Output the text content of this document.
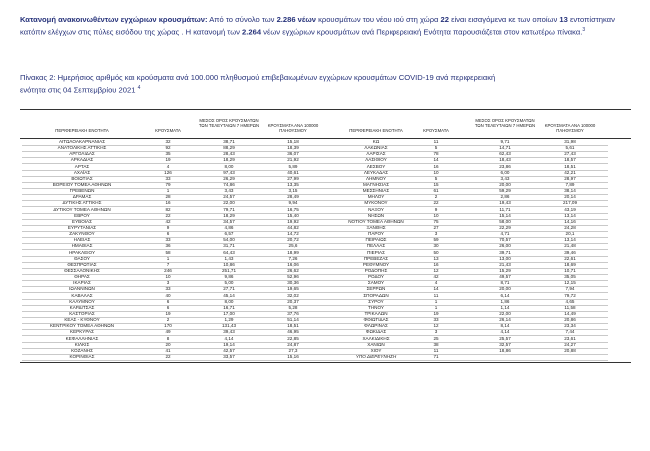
Κατανομή ανακοινωθέντων εγχώριων κρουσμάτων: Από το σύνολο των 2.286 νέων κρουσμάτων του νέου ιού στη χώρα 22 είναι εισαγόμενα κε των οποίων 13 εντοπίστηκαν κατόπιν ελέγχων στις πύλες εισόδου της χώρας . Η κατανομή των 2.264 νέων εγχώριων κρουσμάτων ανά Περιφερειακή Ενότητα παρουσιάζεται στον κατωτέρω πίνακα.$^3$
Πίνακας 2: Ημερήσιος αριθμός και κρούσματα ανά 100.000 πληθυσμού επιβεβαιωμένων εγχώριων κρουσμάτων COVID-19 ανά περιφερειακή
ενότητα στις 04 Σεπτεμβρίου 2021 $^4$
ΠΕΡΙΦΕΡΕΙΑΚΗ ΕΝΟΤΗΤΑ	ΚΡΟΥΣΜΑΤΑ
ΜΕΣΟΣ ΟΡΟΣ ΚΡΟΥΣΜΑΤΩΝ ΤΩΝ ΤΕΛΕΥΤΑΙΩΝ 7 ΗΜΕΡΩΝ	ΚΡΟΥΣΜΑΤΑ ΑΝΑ 100000 ΠΛΗΘΥΣΜΟΥ	ΠΕΡΙΦΕΡΕΙΑΚΗ ΕΝΟΤΗΤΑ	ΚΡΟΥΣΜΑΤΑ
ΜΕΣΟΣ ΟΡΟΣ ΚΡΟΥΣΜΑΤΩΝ ΤΩΝ ΤΕΛΕΥΤΑΙΩΝ 7 ΗΜΕΡΩΝ	ΚΡΟΥΣΜΑΤΑ ΑΝΑ 100000 ΠΛΗΘΥΣΜΟΥ
ΑΙΤΩΛΟΑΚΑΡΝΑΝΙΑΣ	32	38,71	15,18	ΚΩ	11	9,71	31,98
ΑΝΑΤΟΛΙΚΗΣ ΑΤΤΙΚΗΣ	92	88,29	18,39	ΛΑΚΩΝΙΑΣ	5	14,71	5,61
ΑΡΓΟΛΙΔΑΣ	35	28,43	36,07	ΛΑΡΙΣΑΣ	78	62,43	27,43
ΑΡΚΑΔΙΑΣ	19	18,29	21,92	ΛΑΣΙΘΙΟΥ	14	18,43	18,57
ΑΡΤΑΣ	4	8,00	5,89	ΛΕΣΒΟΥ	16	23,86	18,51
ΑΧΑΪΑΣ	126	97,43	40,61	ΛΕΥΚΑΔΑΣ	10	6,00	42,21
ΒΟΙΩΤΙΑΣ	33	26,29	27,99	ΛΗΜΝΟΥ	5	3,43	28,97
ΒΟΡΕΙΟΥ ΤΟΜΕΑ ΑΘΗΝΩΝ	79	74,86	13,35	ΜΑΓΝΗΣΙΑΣ	15	20,00	7,89
ΓΡΕΒΕΝΩΝ	1	3,43	3,15	ΜΕΣΣΗΝΙΑΣ	61	59,29	38,14
ΔΡΑΜΑΣ	28	24,57	28,49	ΜΗΛΟΥ	2	2,86	20,14
ΔΥΤΙΚΗΣ ΑΤΤΙΚΗΣ	16	22,00	9,94	ΜΥΚΟΝΟΥ	22	19,43	217,09
ΔΥΤΙΚΟΥ ΤΟΜΕΑ ΑΘΗΝΩΝ	82	79,71	16,75	ΝΑΞΟΥ	9	11,71	43,19
ΕΒΡΟΥ	22	18,29	15,40	ΝΗΣΩΝ	10	15,14	13,14
ΕΥΒΟΙΑΣ	42	34,57	19,92	ΝΟΤΙΟΥ ΤΟΜΕΑ ΑΘΗΝΩΝ	75	58,00	14,16
ΕΥΡΥΤΑΝΙΑΣ	9	4,86	44,82	ΞΑΝΘΗΣ	27	22,29	24,28
ΖΑΚΥΝΘΟΥ	6	6,57	14,72	ΠΑΡΟΥ	3	4,71	20,1
ΗΛΕΙΑΣ	33	54,00	20,72	ΠΕΙΡΑΙΩΣ	59	70,57	13,14
ΗΜΑΘΙΑΣ	36	31,71	25,6	ΠΕΛΛΑΣ	30	26,00	21,48
ΗΡΑΚΛΕΙΟΥ	58	64,43	18,99	ΠΙΕΡΙΑΣ	50	39,71	39,46
ΘΑΣΟΥ	1	1,43	7,26	ΠΡΕΒΕΖΑΣ	13	13,00	22,61
ΘΕΣΠΡΩΤΙΑΣ	7	10,86	16,06	ΡΕΘΥΜΝΟΥ	16	21,43	18,69
ΘΕΣΣΑΛΟΝΙΚΗΣ	246	251,71	26,62	ΡΟΔΟΠΗΣ	12	15,29	10,71
ΘΗΡΑΣ	10	9,86	52,96	ΡΟΔΟΥ	42	49,57	35,05
ΙΚΑΡΙΑΣ	3	5,00	30,36	ΣΑΜΟΥ	4	8,71	12,15
ΙΩΑΝΝΙΝΩΝ	33	27,71	19,65	ΣΕΡΡΩΝ	14	20,00	7,94
ΚΑΒΑΛΑΣ	40	45,14	32,02	ΣΠΟΡΑΔΩΝ	11	6,14	79,72
ΚΑΛΥΜΝΟΥ	6	8,00	20,37	ΣΥΡΟΥ	1	1,86	4,65
ΚΑΡΔΙΤΣΑΣ	6	16,71	5,28	ΤΗΝΟΥ	1	1,14	11,58
ΚΑΣΤΟΡΙΑΣ	19	17,00	37,76	ΤΡΙΚΑΛΩΝ	19	22,00	14,49
ΚΕΑΣ - ΚΥΘΝΟΥ	2	1,29	51,14	ΦΘΙΩΤΙΔΑΣ	33	26,14	20,86
ΚΕΝΤΡΙΚΟΥ ΤΟΜΕΑ ΑΘΗΝΩΝ	170	131,43	18,51	ΦΛΩΡΙΝΑΣ	12	8,14	23,34
ΚΕΡΚΥΡΑΣ	49	39,43	46,95	ΦΩΚΙΔΑΣ	3	4,14	7,44
ΚΕΦΑΛΛΗΝΙΑΣ	8	4,14	22,85	ΧΑΛΚΙΔΙΚΗΣ	25	25,57	23,61
ΚΙΛΚΙΣ	20	19,14	24,87	ΧΑΝΙΩΝ	38	32,57	24,27
ΚΟΖΑΝΗΣ	41	42,57	27,3	ΧΙΟΥ	11	18,86	20,88
ΚΟΡΙΝΘΙΑΣ	22	33,57	15,16	ΥΠΟ ΔΙΕΡΕΥΝΗΣΗ	71
